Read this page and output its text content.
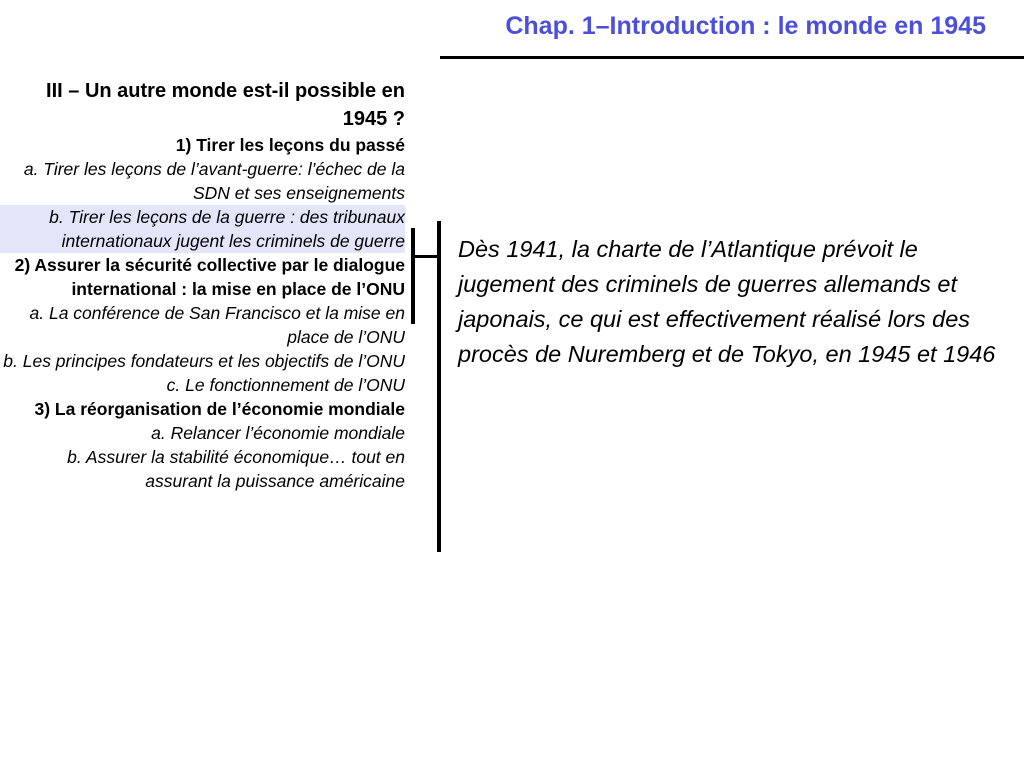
Chap. 1–Introduction : le monde en 1945
III – Un autre monde est-il possible en 1945 ?
1) Tirer les leçons du passé
a. Tirer les leçons de l’avant-guerre: l’échec de la SDN et ses enseignements
b. Tirer les leçons de la guerre : des tribunaux internationaux jugent les criminels de guerre
2) Assurer la sécurité collective par le dialogue international : la mise en place de l’ONU
a. La conférence de San Francisco et la mise en place de l’ONU
b. Les principes fondateurs et les objectifs de l’ONU
c. Le fonctionnement de l’ONU
3) La réorganisation de l’économie mondiale
a. Relancer l’économie mondiale
b. Assurer la stabilité économique… tout en assurant la puissance américaine
Dès 1941, la charte de l’Atlantique prévoit le jugement des criminels de guerres allemands et japonais, ce qui est effectivement réalisé lors des procès de Nuremberg et de Tokyo, en 1945 et 1946
